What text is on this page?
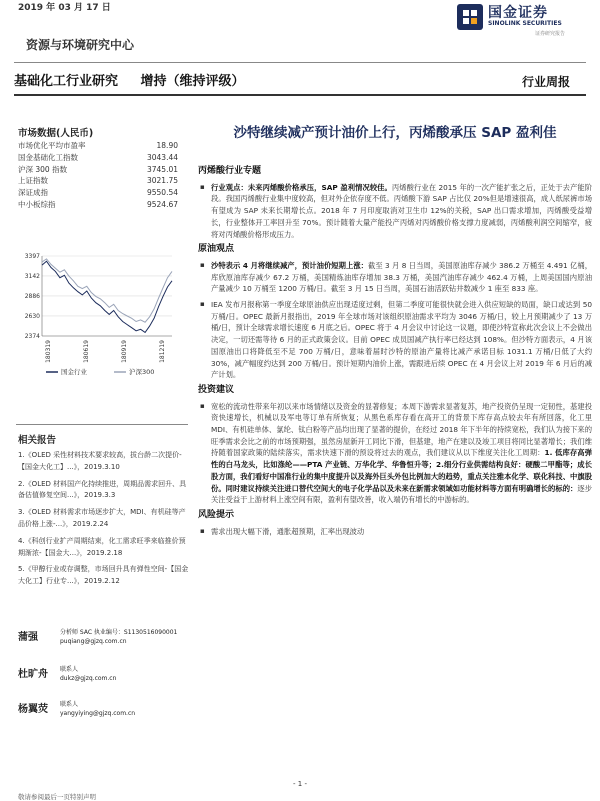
2019 年 03 月 17 日	国金证券
SINOLINK SECURITIES
证券研究报告
资源与环境研究中心
基础化工行业研究 增持（维持评级）	行业周报
市场数据(人民币)
市场优化平均市盈率	18.90
国金基础化工指数	3043.44
沪深 300 指数	3745.01
上证指数	3021.75
深证成指	9550.54
中小板综指	9524.67
3397
3142
2886
2630
2374
180319	180619	180919	181219
国金行业	沪深300
相关报告
1.《OLED 采性材料技术要求较高，拔台龄二次提价-【国金大化工】...》，2019.3.10
2.《OLED 材料国产化持续推进，周期品需求回升、具备估值修复空间...》，2019.3.3
3.《OLED 材料需求市场逐步扩大，MDI、有机硅等产品价格上涨-...》，2019.2.24
4.《科创行业扩产周期结束，化工需求旺季来临推价预期渐浓-【国金大...》，2019.2.18
5.《甲醇行业或存调整，市场回升具有弹性空间-【国金大化工】行业专...》，2019.2.12
蒲强	分析师 SAC 执业编号：S1130516090001
puqiang@gjzq.com.cn
杜旷舟 联系人
dukz@gjzq.com.cn
杨翼荧 联系人
yangyiying@gjzq.com.cn
沙特继续减产预计油价上行，丙烯酸承压 SAP 盈利佳
丙烯酸行业专题
▪ 行业观点：未来丙烯酸价格承压，SAP 盈利情况较佳。丙烯酸行业在 2015 年的一次产能扩张之后，正处于去产能阶段。我国丙烯酸行业集中度较高，但对外企依存度不低。丙烯酸下游 SAP 占比仅 20%但是增速很高，成人纸尿裤市场有望成为 SAP 未来长期增长点。2018 年 7 月印度取消对卫生巾 12%的关税，SAP 出口需求增加，丙烯酸受益增长，行业整体开工率回升至 70%。预计随着大量产能投产丙烯对丙烯酸价格支撑力度减弱，丙烯酸利润空间缩窄，疲将对丙烯酸价格形成压力。
原油观点
▪ 沙特表示 4 月将继续减产，预计油价短期上涨：截至 3 月 8 日当周，美国原油库存减少 386.2 万桶至 4.491 亿桶，库欣原油库存减少 67.2 万桶，美国精炼油库存增加 38.3 万桶，美国汽油库存减少 462.4 万桶，上周美国国内原油产量减少 10 万桶至 1200 万桶/日。截至 3 月 15 日当周，美国石油活跃钻井数减少 1 座至 833 座。
▪ IEA 发布月报称第一季度全球原油供应出现适度过剩，但第二季度可能很快就会进入供应短缺的局面，缺口或达到 50 万桶/日。OPEC 最新月报指出，2019 年全球市场对该组织原油需求平均为 3046 万桶/日，较上月预期减少了 13 万桶/日，预计全球需求增长速度 6 月底之后。OPEC 将于 4 月会议中讨论这一议题，即使沙特宣称此次会议上不会做出决定，一切还需等待 6 月的正式政策会议。目前 OPEC 成员国减产执行率已经达到 108%。但沙特方面表示，4 月该国原油出口将降低至不足 700 万桶/日，意味着届时沙特的原油产量将比减产承诺目标 1031.1 万桶/日低了大约 30%，减产幅度约达到 200 万桶/日。预计短期内油价上涨，需跟进后续 OPEC 在 4 月会议上对 2019 年 6 月后的减产计划。
投资建议
▪ 宽松的流动性带来年初以来市场情绪以及资金的显著修复；本周下游需求显著复苏，地产投资仍呈现一定韧性，基建投资快速增长，机械以及军电等订单有所恢复；从黑色系库存看在高开工的背景下库存高点较去年有所回落，化工里 MDI、有机硅单体、氯纶、钛白粉等产品均出现了显著的提价，在经过 2018 年下半年的持续宽松，我们认为接下来的旺季需求会比之前的市场预期强，虽然房屋新开工同比下滑，但基建，地产在建以及竣工项目将同比显著增长；我们维持随着国家政策的陆续落实，需求快速下滑的预设将过去的观点，我们建议从以下维度关注化工周期：1. 低库存高弹性的白马龙头，比如涤纶——PTA 产业链、万华化学、华鲁恒升等；2.细分行业供需结构良好：硬酸二甲酯等；成长股方面，我们看好中国准行业的集中度提升以及海外巨头外包比例加大的趋势，重点关注雅本化学、联化科技、中旗股份。同时建议持续关注进口替代空间大的电子化学品以及未来在新需求领域如功能材料等方面有明确增长的标的：逐步关注受益于上游材料上涨空间有限，盈利有望改善，收入端仍有增长的中游标的。
风险提示
▪ 需求出现大幅下滑，通胀超预期，汇率出现波动
- 1 -
敬请参阅最后一页特别声明
